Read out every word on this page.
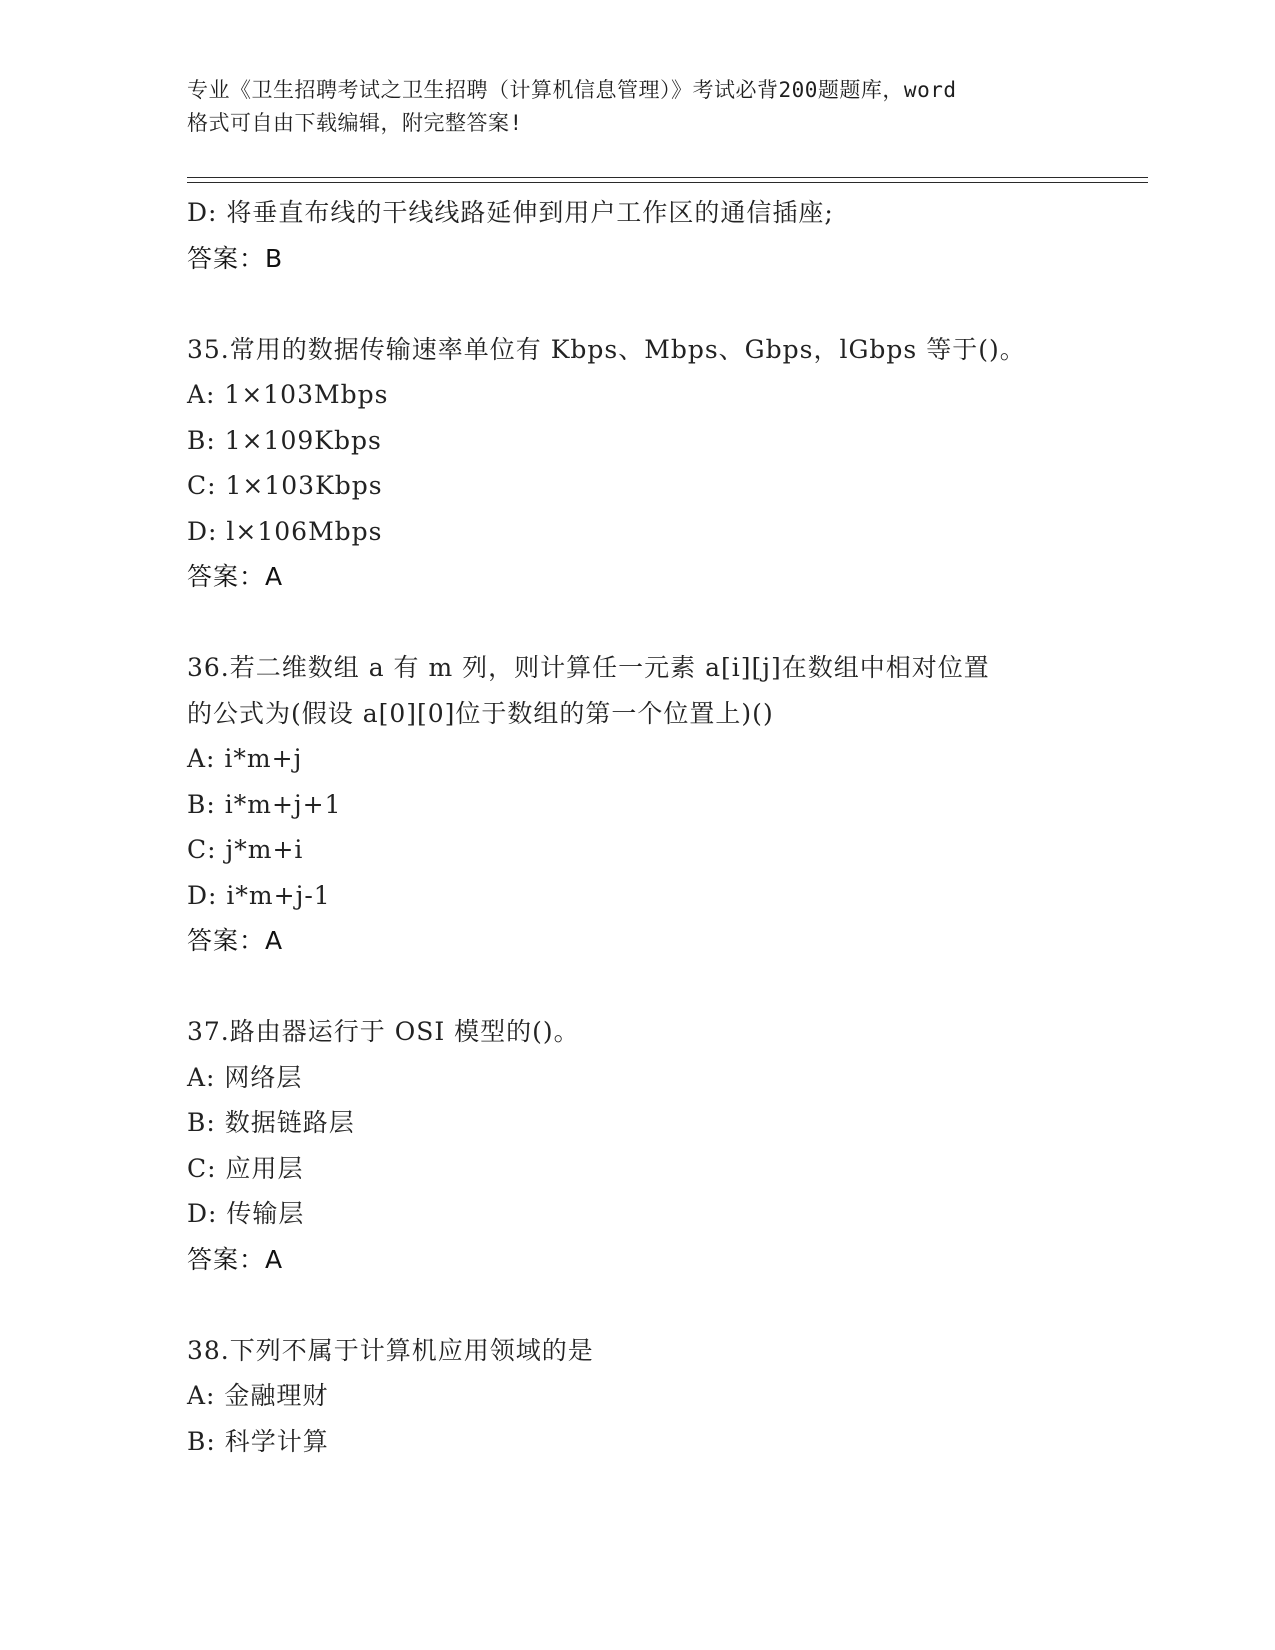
专业《卫生招聘考试之卫生招聘（计算机信息管理）》考试必背200题题库，word
格式可自由下载编辑，附完整答案!
D: 将垂直布线的干线线路延伸到用户工作区的通信插座;
答案：B
35.常用的数据传输速率单位有 Kbps、Mbps、Gbps，lGbps 等于()。
A: 1×103Mbps
B: 1×109Kbps
C: 1×103Kbps
D: l×106Mbps
答案：A
36.若二维数组 a 有 m 列，则计算任一元素 a[i][j]在数组中相对位置
的公式为(假设 a[0][0]位于数组的第一个位置上)()
A: i*m+j
B: i*m+j+1
C: j*m+i
D: i*m+j-1
答案：A
37.路由器运行于 OSI 模型的()。
A: 网络层
B: 数据链路层
C: 应用层
D: 传输层
答案：A
38.下列不属于计算机应用领域的是
A: 金融理财
B: 科学计算
